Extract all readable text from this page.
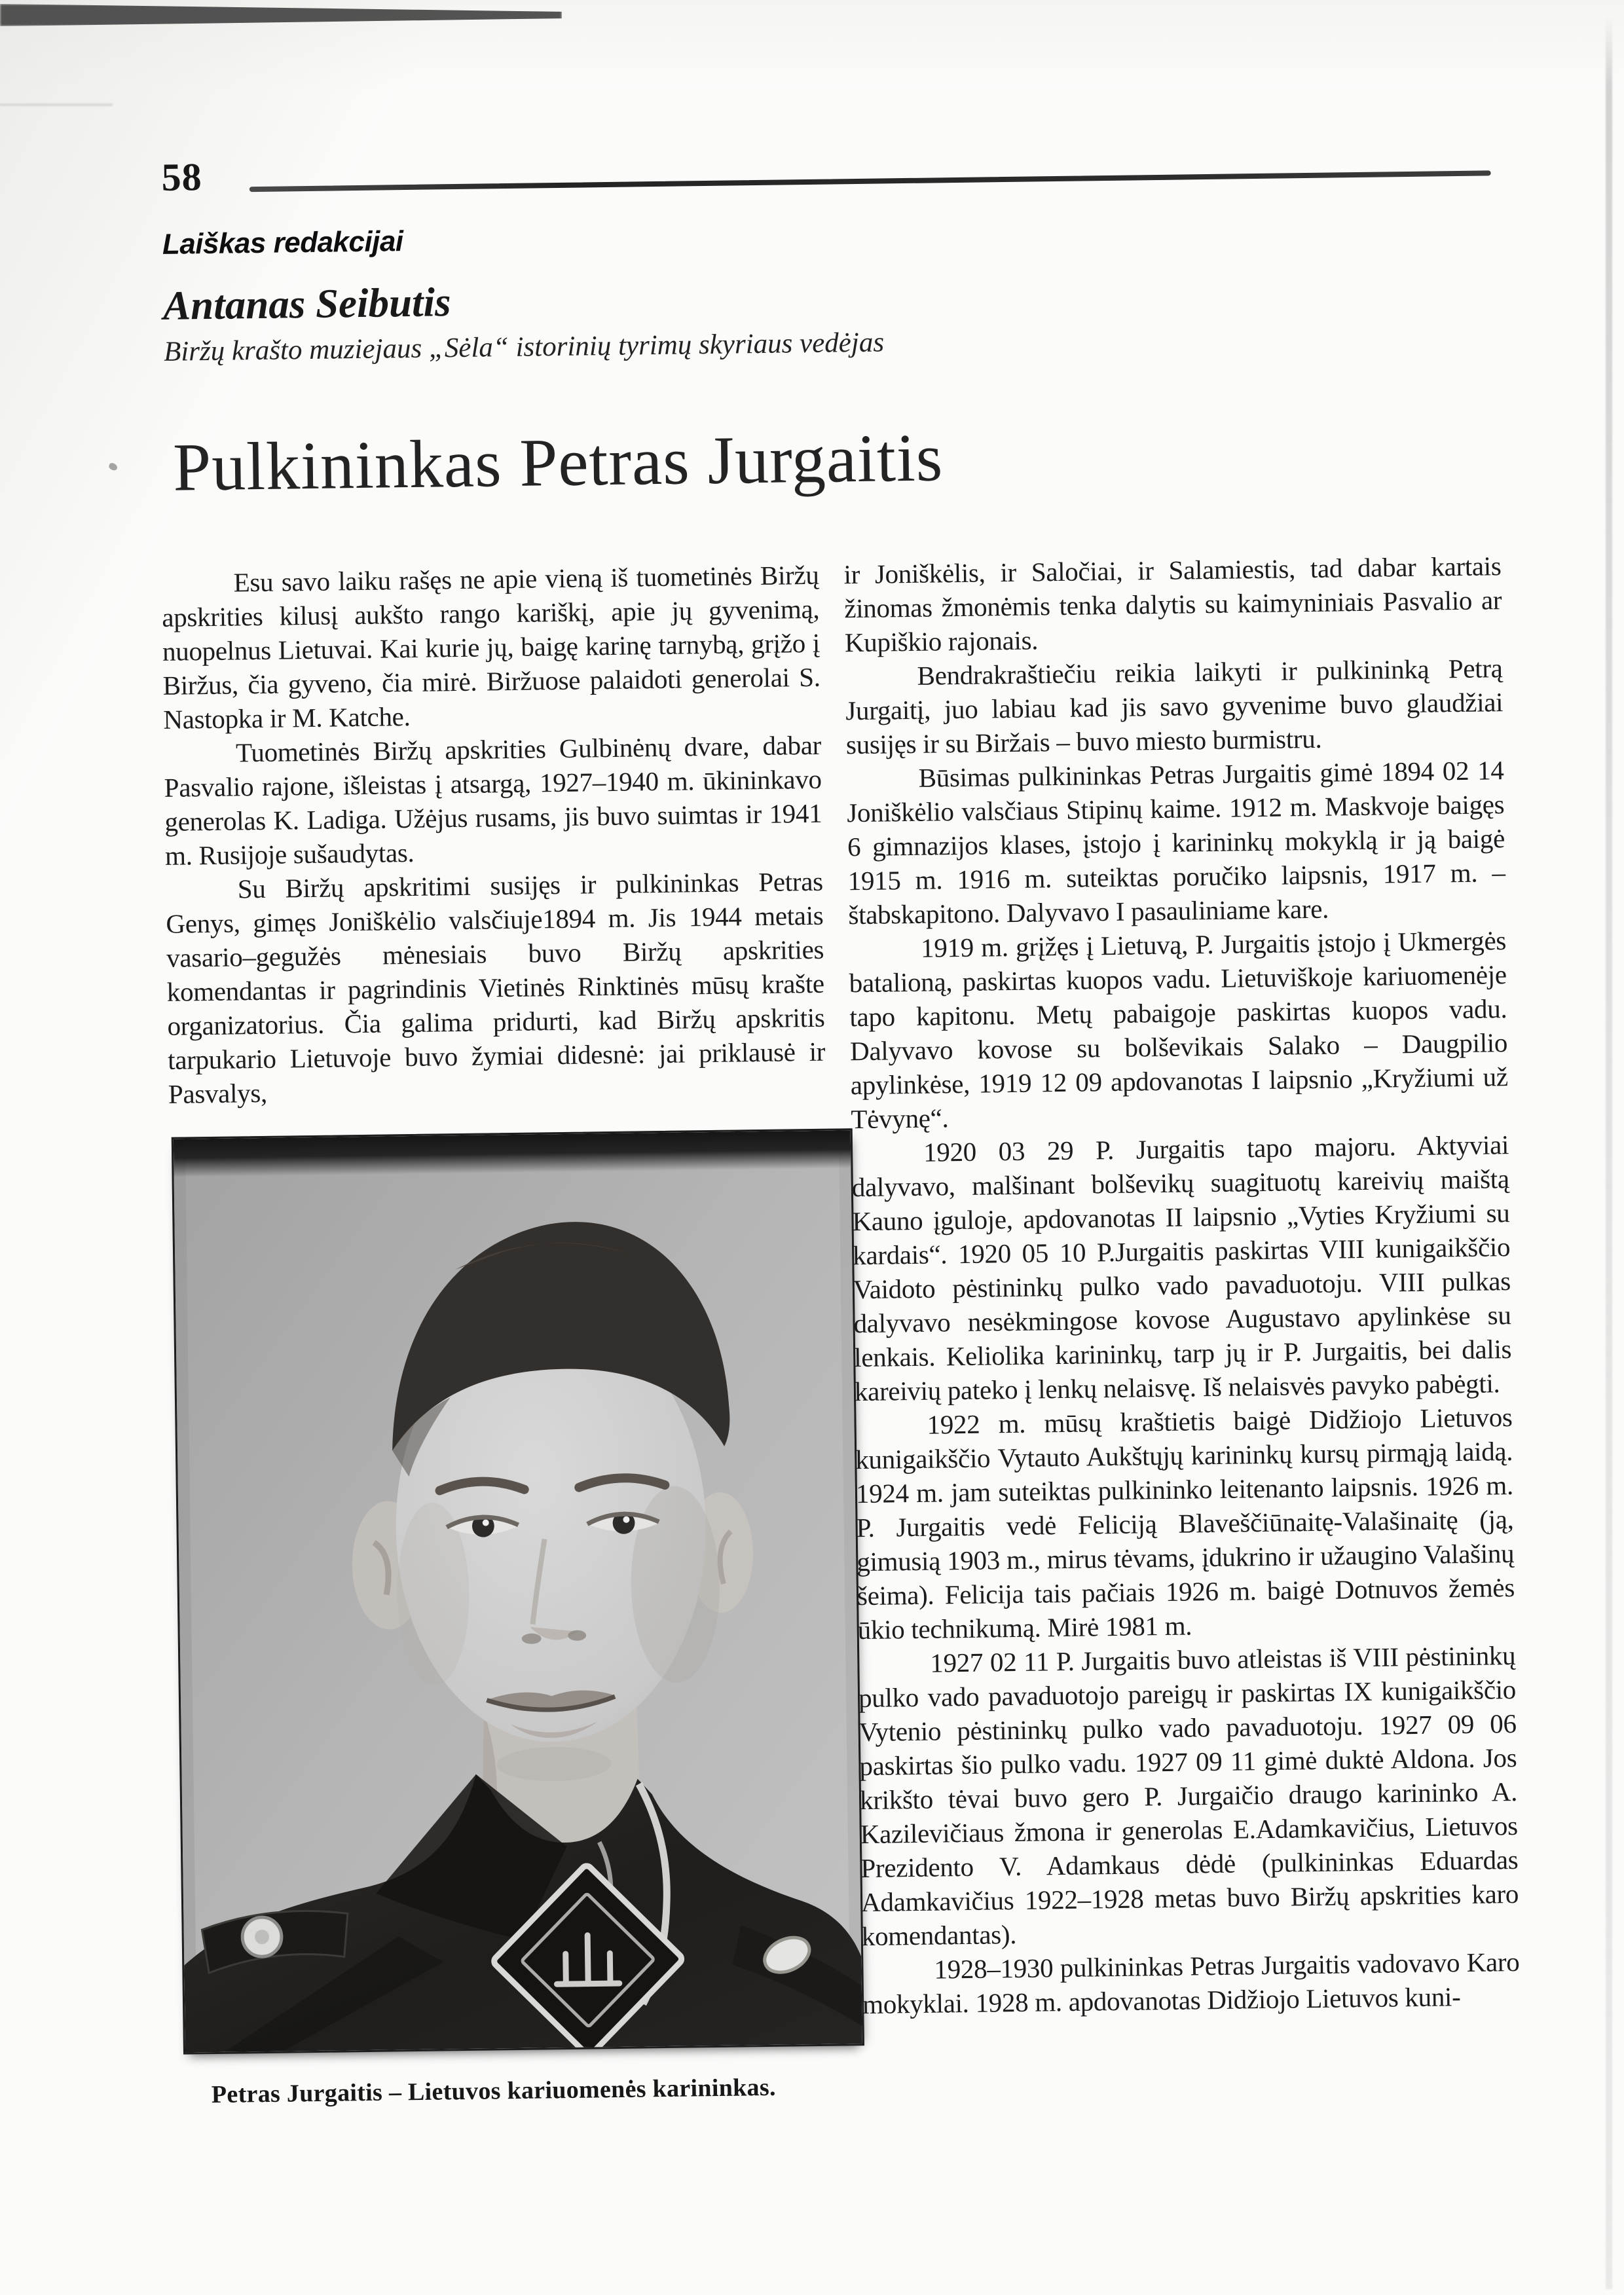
58
Laiškas redakcijai
Antanas Seibutis
Biržų krašto muziejaus „Sėla“ istorinių tyrimų skyriaus vedėjas
Pulkininkas Petras Jurgaitis

Esu savo laiku rašęs ne apie vieną iš tuometinės Biržų apskrities kilusį aukšto rango kariškį, apie jų gyvenimą, nuopelnus Lietuvai. Kai kurie jų, baigę karinę tarnybą, grįžo į Biržus, čia gyveno, čia mirė. Biržuose palaidoti generolai S. Nastopka ir M. Katche.

Tuometinės Biržų apskrities Gulbinėnų dvare, dabar Pasvalio rajone, išleistas į atsargą, 1927–1940 m. ūkininkavo generolas K. Ladiga. Užėjus rusams, jis buvo suimtas ir 1941 m. Rusijoje sušaudytas.

Su Biržų apskritimi susijęs ir pulkininkas Petras Genys, gimęs Joniškėlio valsčiuje1894 m. Jis 1944 metais vasario–gegužės mėnesiais buvo Biržų apskrities komendantas ir pagrindinis Vietinės Rinktinės mūsų krašte organizatorius. Čia galima pridurti, kad Biržų apskritis tarpukario Lietuvoje buvo žymiai didesnė: jai priklausė ir Pasvalys,

Petras Jurgaitis – Lietuvos kariuomenės karininkas.

ir Joniškėlis, ir Saločiai, ir Salamiestis, tad dabar kartais žinomas žmonėmis tenka dalytis su kaimyniniais Pasvalio ar Kupiškio rajonais.

Bendrakraštiečiu reikia laikyti ir pulkininką Petrą Jurgaitį, juo labiau kad jis savo gyvenime buvo glaudžiai susijęs ir su Biržais – buvo miesto burmistru.

Būsimas pulkininkas Petras Jurgaitis gimė 1894 02 14 Joniškėlio valsčiaus Stipinų kaime. 1912 m. Maskvoje baigęs 6 gimnazijos klases, įstojo į karininkų mokyklą ir ją baigė 1915 m. 1916 m. suteiktas poručiko laipsnis, 1917 m. – štabskapitono. Dalyvavo I pasauliniame kare.

1919 m. grįžęs į Lietuvą, P. Jurgaitis įstojo į Ukmergės batalioną, paskirtas kuopos vadu. Lietuviškoje kariuomenėje tapo kapitonu. Metų pabaigoje paskirtas kuopos vadu. Dalyvavo kovose su bolševikais Salako – Daugpilio apylinkėse, 1919 12 09 apdovanotas I laipsnio „Kryžiumi už Tėvynę“.

1920 03 29 P. Jurgaitis tapo majoru. Aktyviai dalyvavo, malšinant bolševikų suagituotų kareivių maištą Kauno įguloje, apdovanotas II laipsnio „Vyties Kryžiumi su kardais“. 1920 05 10 P.Jurgaitis paskirtas VIII kunigaikščio Vaidoto pėstininkų pulko vado pavaduotoju. VIII pulkas dalyvavo nesėkmingose kovose Augustavo apylinkėse su lenkais. Keliolika karininkų, tarp jų ir P. Jurgaitis, bei dalis kareivių pateko į lenkų nelaisvę. Iš nelaisvės pavyko pabėgti.

1922 m. mūsų kraštietis baigė Didžiojo Lietuvos kunigaikščio Vytauto Aukštųjų karininkų kursų pirmąją laidą. 1924 m. jam suteiktas pulkininko leitenanto laipsnis. 1926 m. P. Jurgaitis vedė Feliciją Blaveščiūnaitę-Valašinaitę (ją, gimusią 1903 m., mirus tėvams, įdukrino ir užaugino Valašinų šeima). Felicija tais pačiais 1926 m. baigė Dotnuvos žemės ūkio technikumą. Mirė 1981 m.

1927 02 11 P. Jurgaitis buvo atleistas iš VIII pėstininkų pulko vado pavaduotojo pareigų ir paskirtas IX kunigaikščio Vytenio pėstininkų pulko vado pavaduotoju. 1927 09 06 paskirtas šio pulko vadu. 1927 09 11 gimė duktė Aldona. Jos krikšto tėvai buvo gero P. Jurgaičio draugo karininko A. Kazilevičiaus žmona ir generolas E.Adamkavičius, Lietuvos Prezidento V. Adamkaus dėdė (pulkininkas Eduardas Adamkavičius 1922–1928 metas buvo Biržų apskrities karo komendantas).

1928–1930 pulkininkas Petras Jurgaitis vadovavo Karo mokyklai. 1928 m. apdovanotas Didžiojo Lietuvos kuni-
